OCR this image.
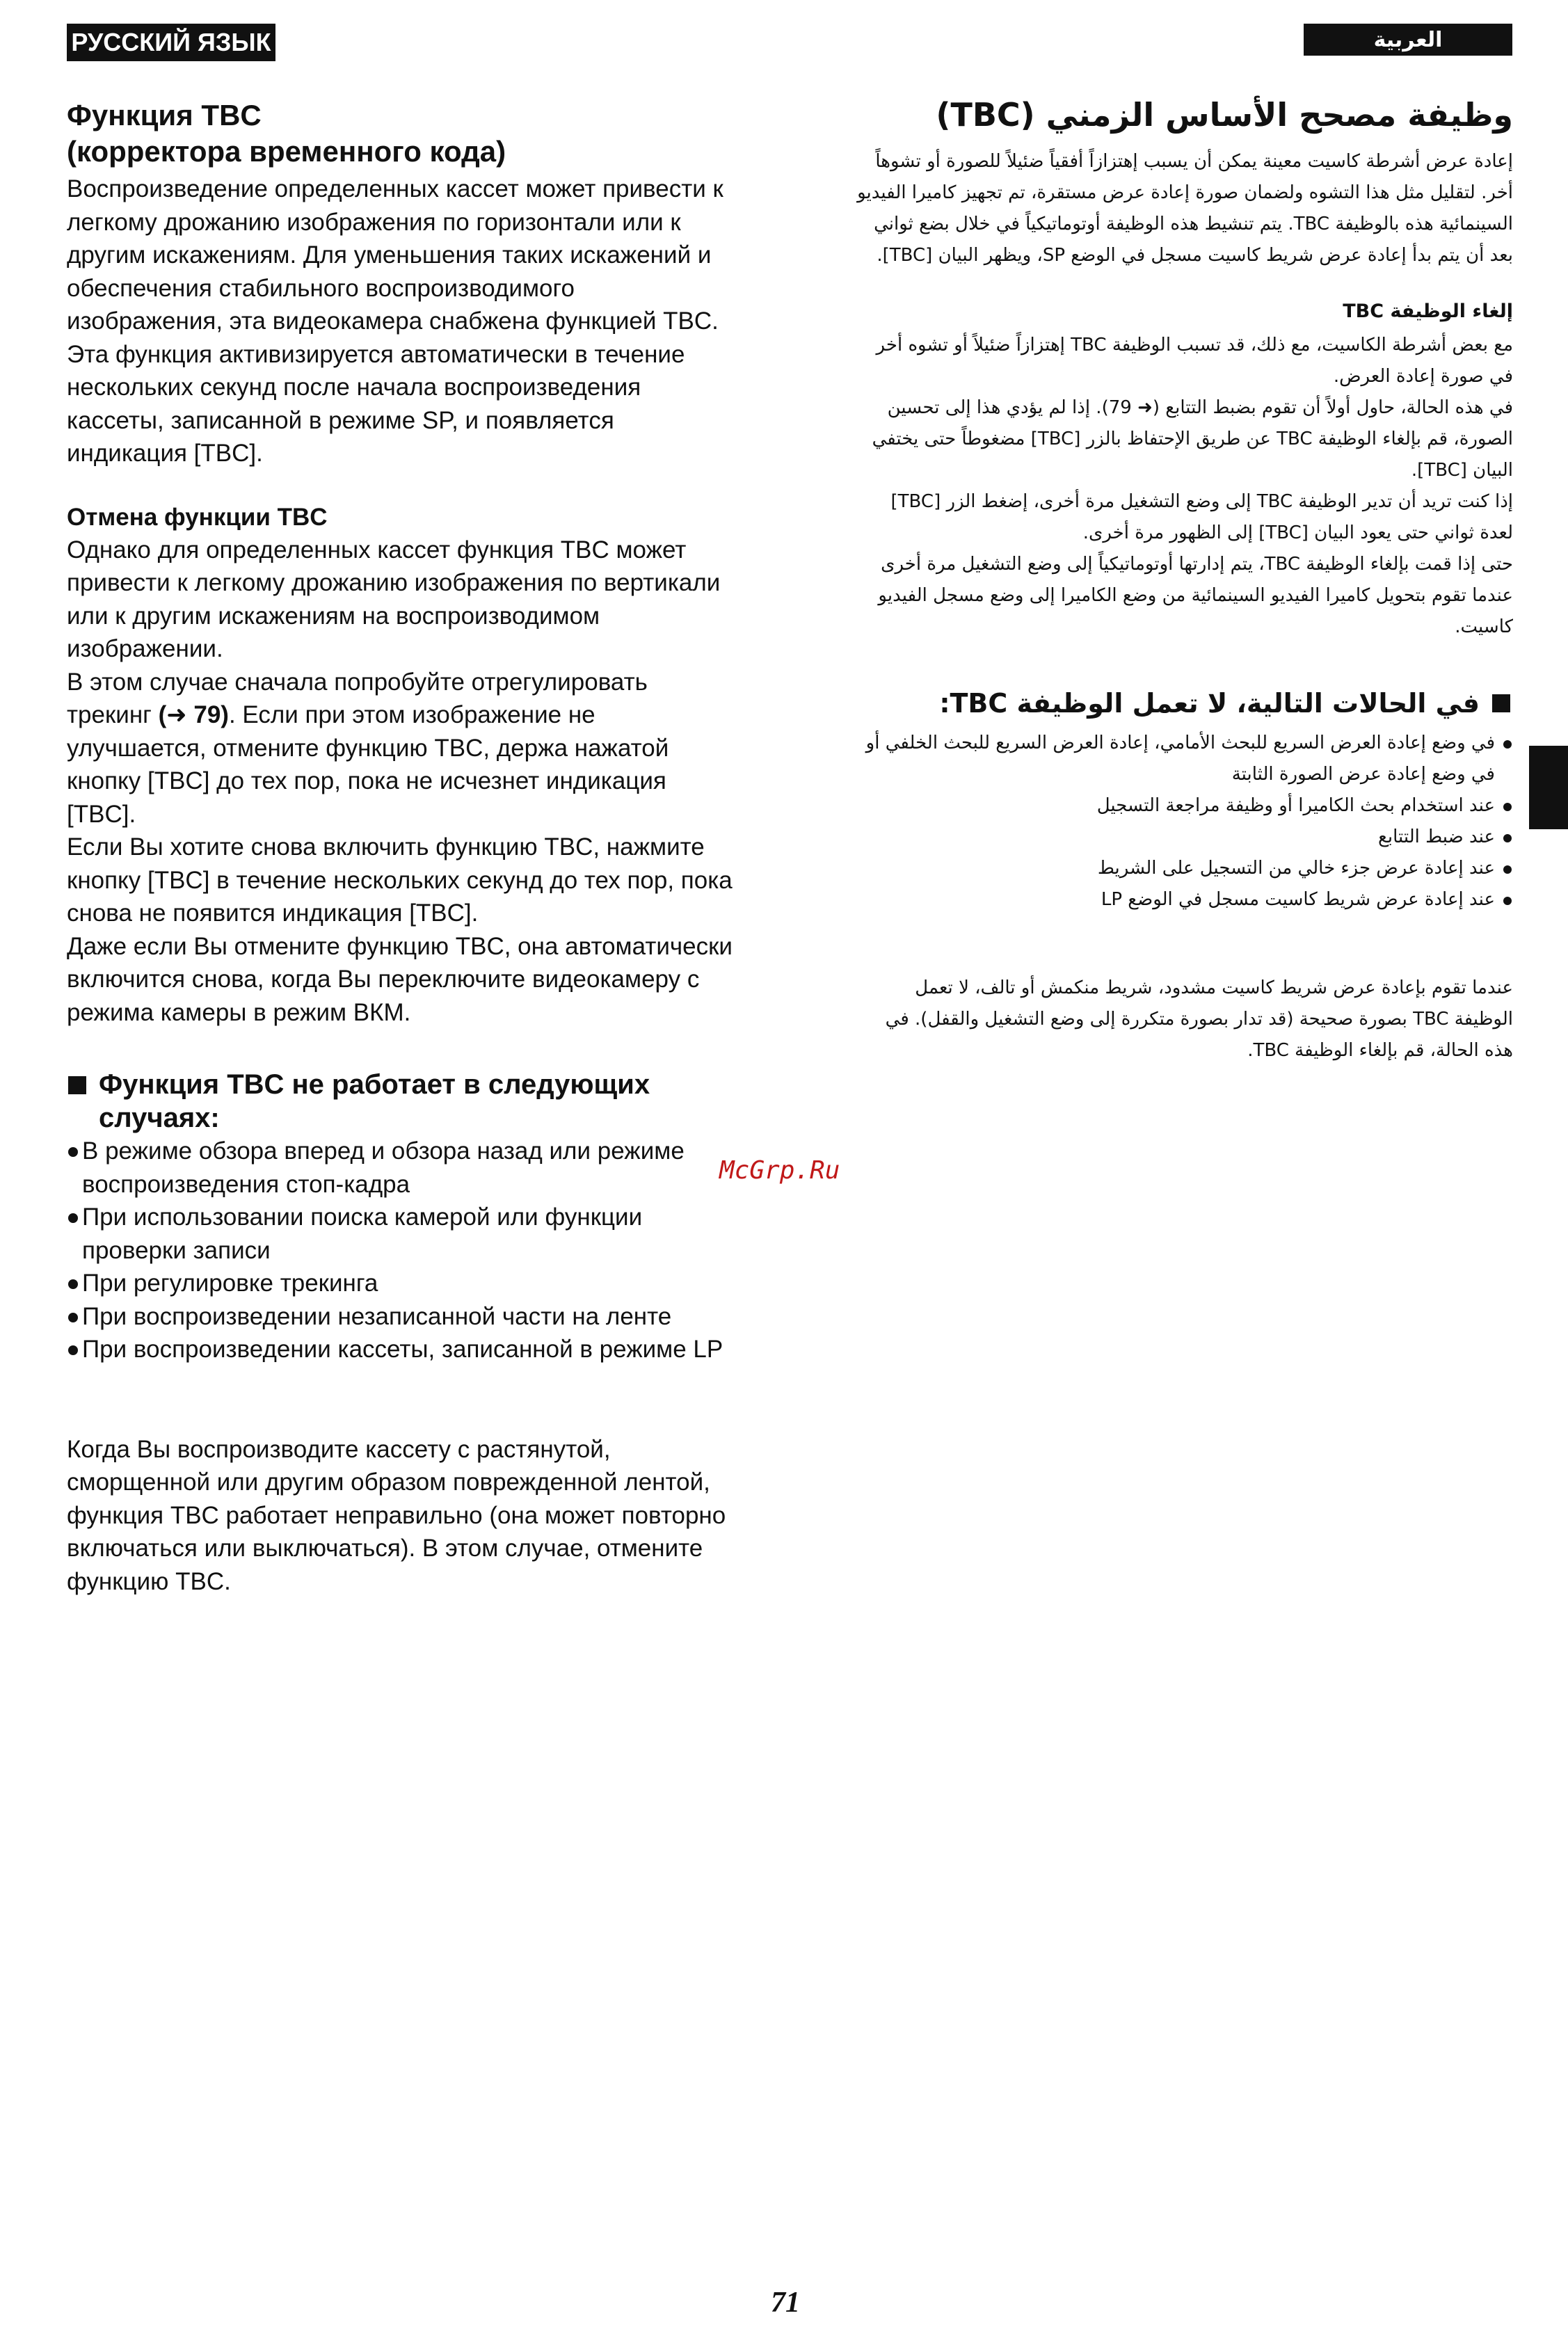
РУССКИЙ ЯЗЫК	العربية
Функция TBC
(корректора временного кода)

Воспроизведение определенных кассет может привести к легкому дрожанию изображения по горизонтали или к другим искажениям. Для уменьшения таких искажений и обеспечения стабильного воспроизводимого изображения, эта видеокамера снабжена функцией TBC. Эта функция активизируется автоматически в течение нескольких секунд после начала воспроизведения кассеты, записанной в режиме SP, и появляется индикация [TBC].

Отмена функции TBC

Однако для определенных кассет функция TBC может привести к легкому дрожанию изображения по вертикали или к другим искажениям на воспроизводимом изображении.

В этом случае сначала попробуйте отрегулировать трекинг (➜ 79). Если при этом изображение не улучшается, отмените функцию TBC, держа нажатой кнопку [TBC] до тех пор, пока не исчезнет индикация [TBC].

Если Вы хотите снова включить функцию TBC, нажмите кнопку [TBC] в течение нескольких секунд до тех пор, пока снова не появится индикация [TBC].

Даже если Вы отмените функцию TBC, она автоматически включится снова, когда Вы переключите видеокамеру с режима камеры в режим ВКМ.

Функция TBC не работает в следующих случаях:
В режиме обзора вперед и обзора назад или режиме воспроизведения стоп-кадра
При использовании поиска камерой или функции проверки записи
При регулировке трекинга
При воспроизведении незаписанной части на ленте
При воспроизведении кассеты, записанной в режиме LP

Когда Вы воспроизводите кассету с растянутой, сморщенной или другим образом поврежденной лентой, функция TBC работает неправильно (она может повторно включаться или выключаться). В этом случае, отмените функцию TBC.

وظيفة مصحح الأساس الزمني (TBC)

إعادة عرض أشرطة كاسيت معينة يمكن أن يسبب إهتزازاً أفقياً ضئيلاً للصورة أو تشوهاً أخر. لتقليل مثل هذا التشوه ولضمان صورة إعادة عرض مستقرة، تم تجهيز كاميرا الفيديو السينمائية هذه بالوظيفة TBC. يتم تنشيط هذه الوظيفة أوتوماتيكياً في خلال بضع ثواني بعد أن يتم بدأ إعادة عرض شريط كاسيت مسجل في الوضع SP، ويظهر البيان [TBC].

إلغاء الوظيفة TBC

مع بعض أشرطة الكاسيت، مع ذلك، قد تسبب الوظيفة TBC إهتزازاً ضئيلاً أو تشوه أخر في صورة إعادة العرض.

في هذه الحالة، حاول أولاً أن تقوم بضبط التتابع (➜ 79). إذا لم يؤدي هذا إلى تحسين الصورة، قم بإلغاء الوظيفة TBC عن طريق الإحتفاظ بالزر [TBC] مضغوطاً حتى يختفي البيان [TBC].

إذا كنت تريد أن تدير الوظيفة TBC إلى وضع التشغيل مرة أخرى، إضغط الزر [TBC] لعدة ثواني حتى يعود البيان [TBC] إلى الظهور مرة أخرى.

حتى إذا قمت بإلغاء الوظيفة TBC، يتم إدارتها أوتوماتيكياً إلى وضع التشغيل مرة أخرى عندما تقوم بتحويل كاميرا الفيديو السينمائية من وضع الكاميرا إلى وضع مسجل الفيديو كاسيت.

في الحالات التالية، لا تعمل الوظيفة TBC:
في وضع إعادة العرض السريع للبحث الأمامي، إعادة العرض السريع للبحث الخلفي أو في وضع إعادة عرض الصورة الثابتة
عند استخدام بحث الكاميرا أو وظيفة مراجعة التسجيل
عند ضبط التتابع
عند إعادة عرض جزء خالي من التسجيل على الشريط
عند إعادة عرض شريط كاسيت مسجل في الوضع LP

عندما تقوم بإعادة عرض شريط كاسيت مشدود، شريط منكمش أو تالف، لا تعمل الوظيفة TBC بصورة صحيحة (قد تدار بصورة متكررة إلى وضع التشغيل والقفل). في هذه الحالة، قم بإلغاء الوظيفة TBC.

McGrp.Ru
71
